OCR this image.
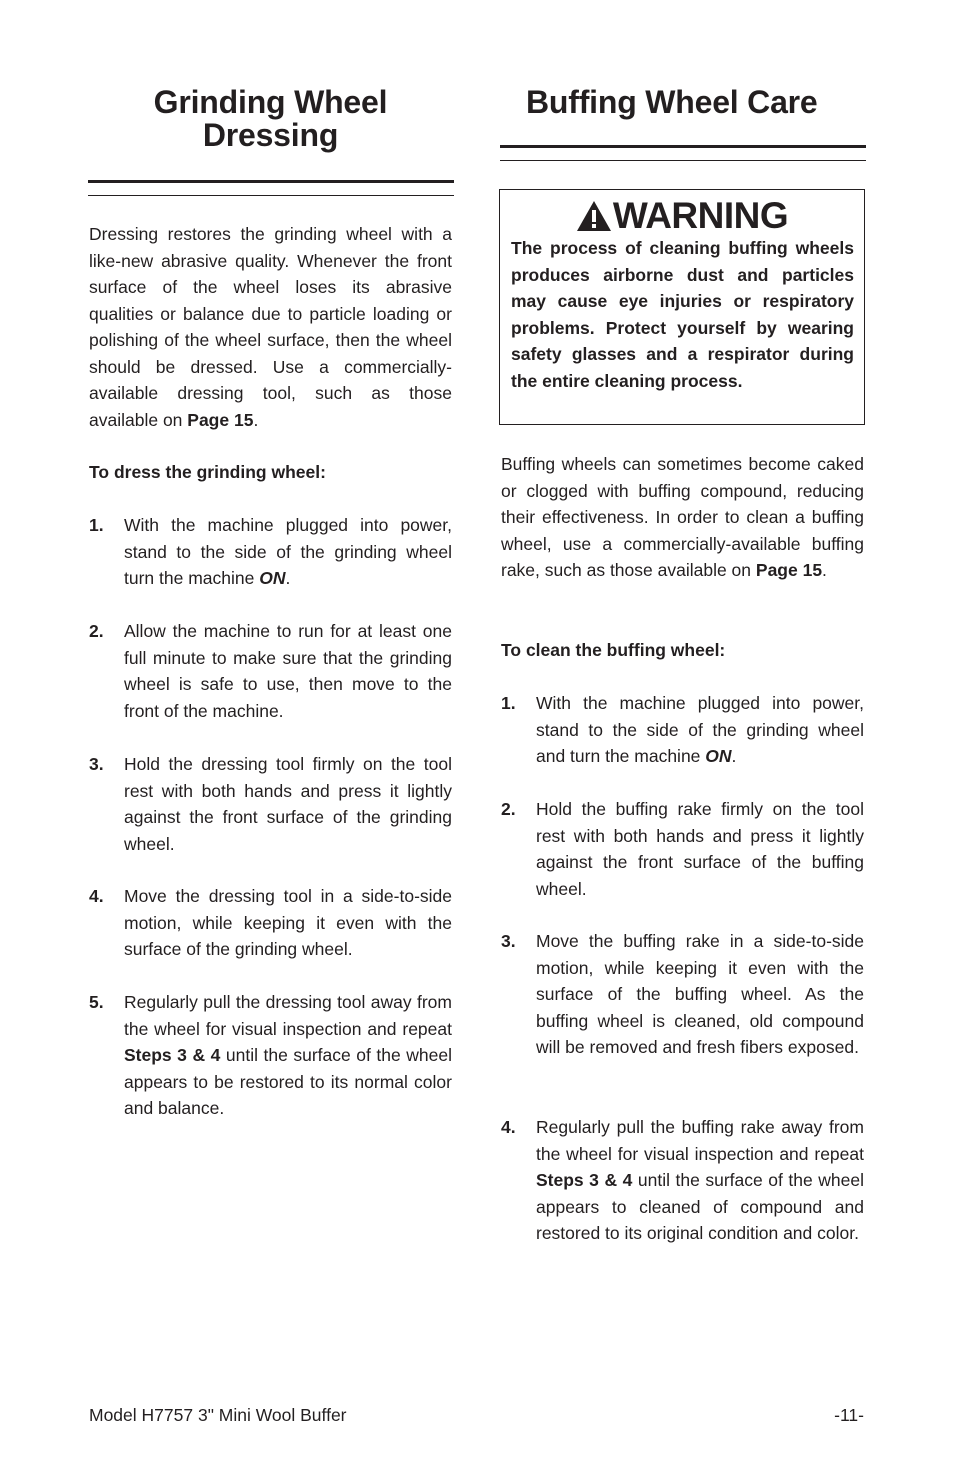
Grinding Wheel Dressing

Dressing restores the grinding wheel with a like-new abrasive quality. Whenever the front surface of the wheel loses its abrasive qualities or balance due to particle loading or polishing of the wheel surface, then the wheel should be dressed. Use a commercially-available dressing tool, such as those available on Page 15.

To dress the grinding wheel:

1. With the machine plugged into power, stand to the side of the grinding wheel turn the machine ON.

2. Allow the machine to run for at least one full minute to make sure that the grinding wheel is safe to use, then move to the front of the machine.

3. Hold the dressing tool firmly on the tool rest with both hands and press it lightly against the front surface of the grinding wheel.

4. Move the dressing tool in a side-to-side motion, while keeping it even with the surface of the grinding wheel.

5. Regularly pull the dressing tool away from the wheel for visual inspection and repeat Steps 3 & 4 until the surface of the wheel appears to be restored to its normal color and balance.

Buffing Wheel Care
WARNING

The process of cleaning buffing wheels produces airborne dust and particles may cause eye injuries or respiratory problems. Protect yourself by wearing safety glasses and a respirator during the entire cleaning process.

Buffing wheels can sometimes become caked or clogged with buffing compound, reducing their effectiveness. In order to clean a buffing wheel, use a commercially-available buffing rake, such as those available on Page 15.

To clean the buffing wheel:

1. With the machine plugged into power, stand to the side of the grinding wheel and turn the machine ON.

2. Hold the buffing rake firmly on the tool rest with both hands and press it lightly against the front surface of the buffing wheel.

3. Move the buffing rake in a side-to-side motion, while keeping it even with the surface of the buffing wheel. As the buffing wheel is cleaned, old compound will be removed and fresh fibers exposed.

4. Regularly pull the buffing rake away from the wheel for visual inspection and repeat Steps 3 & 4 until the surface of the wheel appears to cleaned of compound and restored to its original condition and color.

Model H7757 3" Mini Wool Buffer	-11-
